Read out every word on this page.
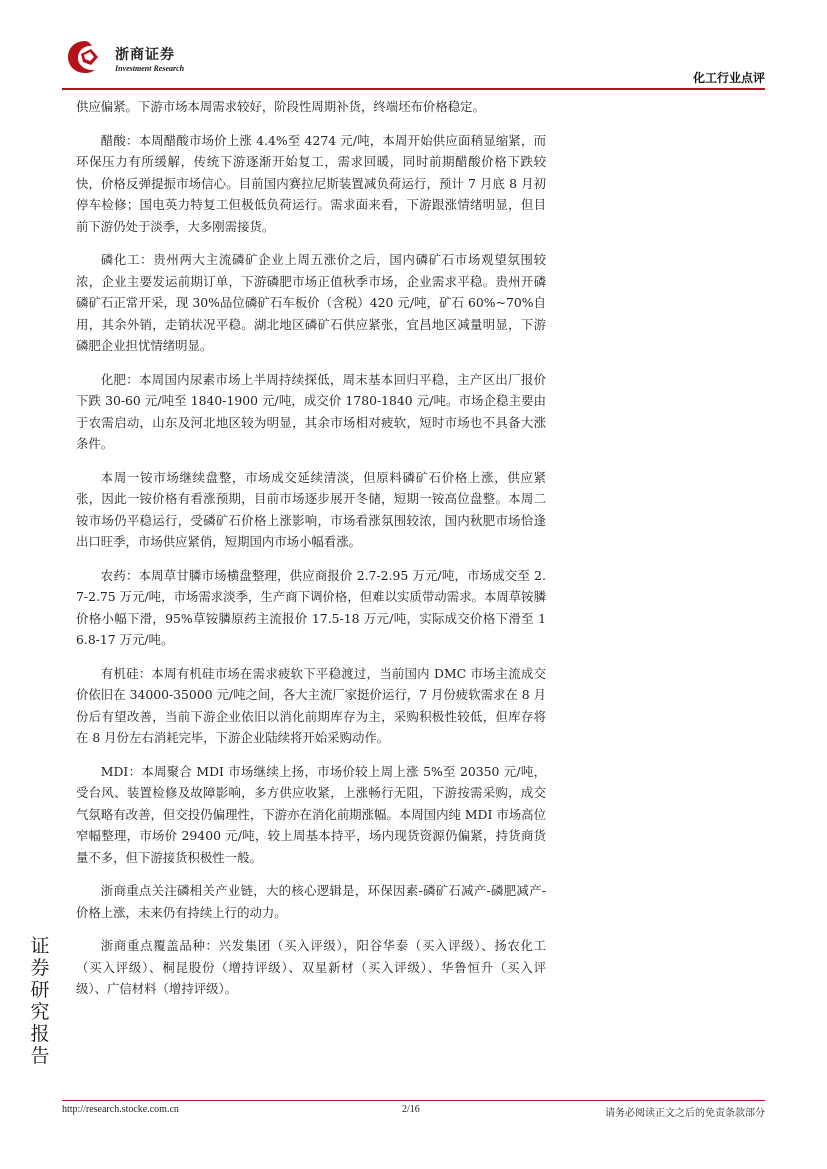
浙商证券
Investment Research
化工行业点评

供应偏紧。下游市场本周需求较好，阶段性周期补货，终端坯布价格稳定。

醋酸：本周醋酸市场价上涨 4.4%至 4274 元/吨，本周开始供应面稍显缩紧，而环保压力有所缓解，传统下游逐渐开始复工，需求回暖，同时前期醋酸价格下跌较快，价格反弹提振市场信心。目前国内赛拉尼斯装置减负荷运行，预计 7 月底 8 月初停车检修；国电英力特复工但极低负荷运行。需求面来看，下游跟涨情绪明显，但目前下游仍处于淡季，大多刚需接货。

磷化工：贵州两大主流磷矿企业上周五涨价之后，国内磷矿石市场观望氛围较浓，企业主要发运前期订单，下游磷肥市场正值秋季市场，企业需求平稳。贵州开磷磷矿石正常开采，现 30%品位磷矿石车板价（含税）420 元/吨，矿石 60%~70%自用，其余外销，走销状况平稳。湖北地区磷矿石供应紧张，宜昌地区减量明显，下游磷肥企业担忧情绪明显。

化肥：本周国内尿素市场上半周持续探低，周末基本回归平稳，主产区出厂报价下跌 30-60 元/吨至 1840-1900 元/吨，成交价 1780-1840 元/吨。市场企稳主要由于农需启动，山东及河北地区较为明显，其余市场相对疲软，短时市场也不具备大涨条件。

本周一铵市场继续盘整，市场成交延续清淡，但原料磷矿石价格上涨，供应紧张，因此一铵价格有看涨预期，目前市场逐步展开冬储，短期一铵高位盘整。本周二铵市场仍平稳运行，受磷矿石价格上涨影响，市场看涨氛围较浓，国内秋肥市场恰逢出口旺季，市场供应紧俏，短期国内市场小幅看涨。

农药：本周草甘膦市场横盘整理，供应商报价 2.7-2.95 万元/吨，市场成交至 2.7-2.75 万元/吨，市场需求淡季，生产商下调价格，但难以实质带动需求。本周草铵膦价格小幅下滑，95%草铵膦原药主流报价 17.5-18 万元/吨，实际成交价格下滑至 16.8-17 万元/吨。

有机硅：本周有机硅市场在需求疲软下平稳渡过，当前国内 DMC 市场主流成交价依旧在 34000-35000 元/吨之间，各大主流厂家挺价运行，7 月份疲软需求在 8 月份后有望改善，当前下游企业依旧以消化前期库存为主，采购积极性较低，但库存将在 8 月份左右消耗完毕，下游企业陆续将开始采购动作。

MDI：本周聚合 MDI 市场继续上扬，市场价较上周上涨 5%至 20350 元/吨，受台风、装置检修及故障影响，多方供应收紧，上涨畅行无阻，下游按需采购，成交气氛略有改善，但交投仍偏理性，下游亦在消化前期涨幅。本周国内纯 MDI 市场高位窄幅整理，市场价 29400 元/吨，较上周基本持平，场内现货资源仍偏紧，持货商货量不多，但下游接货积极性一般。

浙商重点关注磷相关产业链，大的核心逻辑是，环保因素-磷矿石减产-磷肥减产-价格上涨，未来仍有持续上行的动力。

浙商重点覆盖品种：兴发集团（买入评级），阳谷华泰（买入评级）、扬农化工（买入评级）、桐昆股份（增持评级）、双星新材（买入评级）、华鲁恒升（买入评级）、广信材料（增持评级）。

证
券
研
究
报
告
http://research.stocke.com.cn	2/16	请务必阅读正文之后的免责条款部分
